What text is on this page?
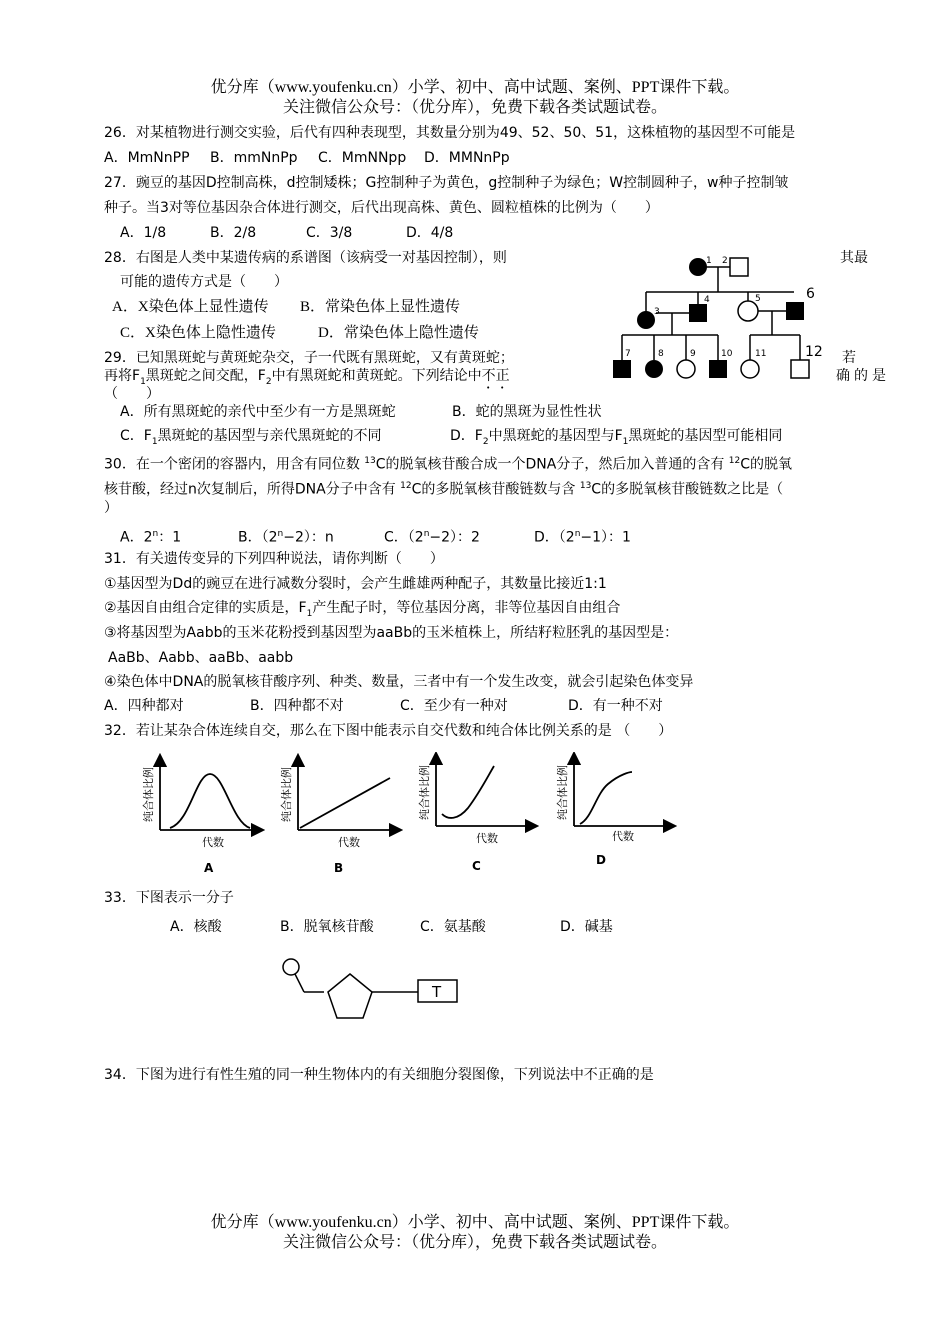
优分库（www.youfenku.cn）小学、初中、高中试题、案例、PPT课件下载。
关注微信公众号：（优分库），免费下载各类试题试卷。
26．对某植物进行测交实验，后代有四种表现型，其数量分别为49、52、50、51，这株植物的基因型不可能是
A．MmNnPP B．mmNnPp C．MmNNpp D．MMNnPp
27．豌豆的基因D控制高株，d控制矮株；G控制种子为黄色，g控制种子为绿色；W控制圆种子，w种子控制皱
种子。当3对等位基因杂合体进行测交，后代出现高株、黄色、圆粒植株的比例为（　　）
A．1/8	B．2/8	C．3/8	D．4/8
28．右图是人类中某遗传病的系谱图（该病受一对基因控制），则	其最
可能的遗传方式是（　　）
A．X染色体上显性遗传 B．常染色体上显性遗传
C．X染色体上隐性遗传	D．常染色体上隐性遗传
1 2
3
4	5	6
7	8	9	10	11	12
29．已知黑斑蛇与黄斑蛇杂交，子一代既有黑斑蛇，又有黄斑蛇；	若
再将$F_1$黑斑蛇之间交配，$F_2$中有黑斑蛇和黄斑蛇。下列结论中不正	确的是
（　　）
A．所有黑斑蛇的亲代中至少有一方是黑斑蛇	B．蛇的黑斑为显性性状
C．$F_1$黑斑蛇的基因型与亲代黑斑蛇的不同	D．$F_2$中黑斑蛇的基因型与$F_1$黑斑蛇的基因型可能相同
30．在一个密闭的容器内，用含有同位数 $^{13}$C的脱氧核苷酸合成一个DNA分子，然后加入普通的含有 $^{12}$C的脱氧
核苷酸，经过n次复制后，所得DNA分子中含有 $^{12}$C的多脱氧核苷酸链数与含 $^{13}$C的多脱氧核苷酸链数之比是（
）
A．2$^n$：1	B．$(2^n-2)$：n	C．$(2^n-2)$：2	D．$(2^n-1)$：1
31．有关遗传变异的下列四种说法，请你判断（　　）
①基因型为Dd的豌豆在进行减数分裂时，会产生雌雄两种配子，其数量比接近1:1
②基因自由组合定律的实质是，$F_1$产生配子时，等位基因分离，非等位基因自由组合
③将基因型为Aabb的玉米花粉授到基因型为aaBb的玉米植株上，所结籽粒胚乳的基因型是：
AaBb、Aabb、aaBb、aabb
④染色体中DNA的脱氧核苷酸序列、种类、数量，三者中有一个发生改变，就会引起染色体变异
A．四种都对	B．四种都不对	C．至少有一种对	D．有一种不对
32．若让某杂合体连续自交，那么在下图中能表示自交代数和纯合体比例关系的是 （　　）
纯合体比例
代数
A
纯合体比例
代数
B
纯合体比例
代数
C
纯合体比例
代数
D
33．下图表示一分子
A．核酸	B．脱氧核苷酸	C．氨基酸	D．碱基
T
34．下图为进行有性生殖的同一种生物体内的有关细胞分裂图像，下列说法中不正确的是
优分库（www.youfenku.cn）小学、初中、高中试题、案例、PPT课件下载。
关注微信公众号：（优分库），免费下载各类试题试卷。
